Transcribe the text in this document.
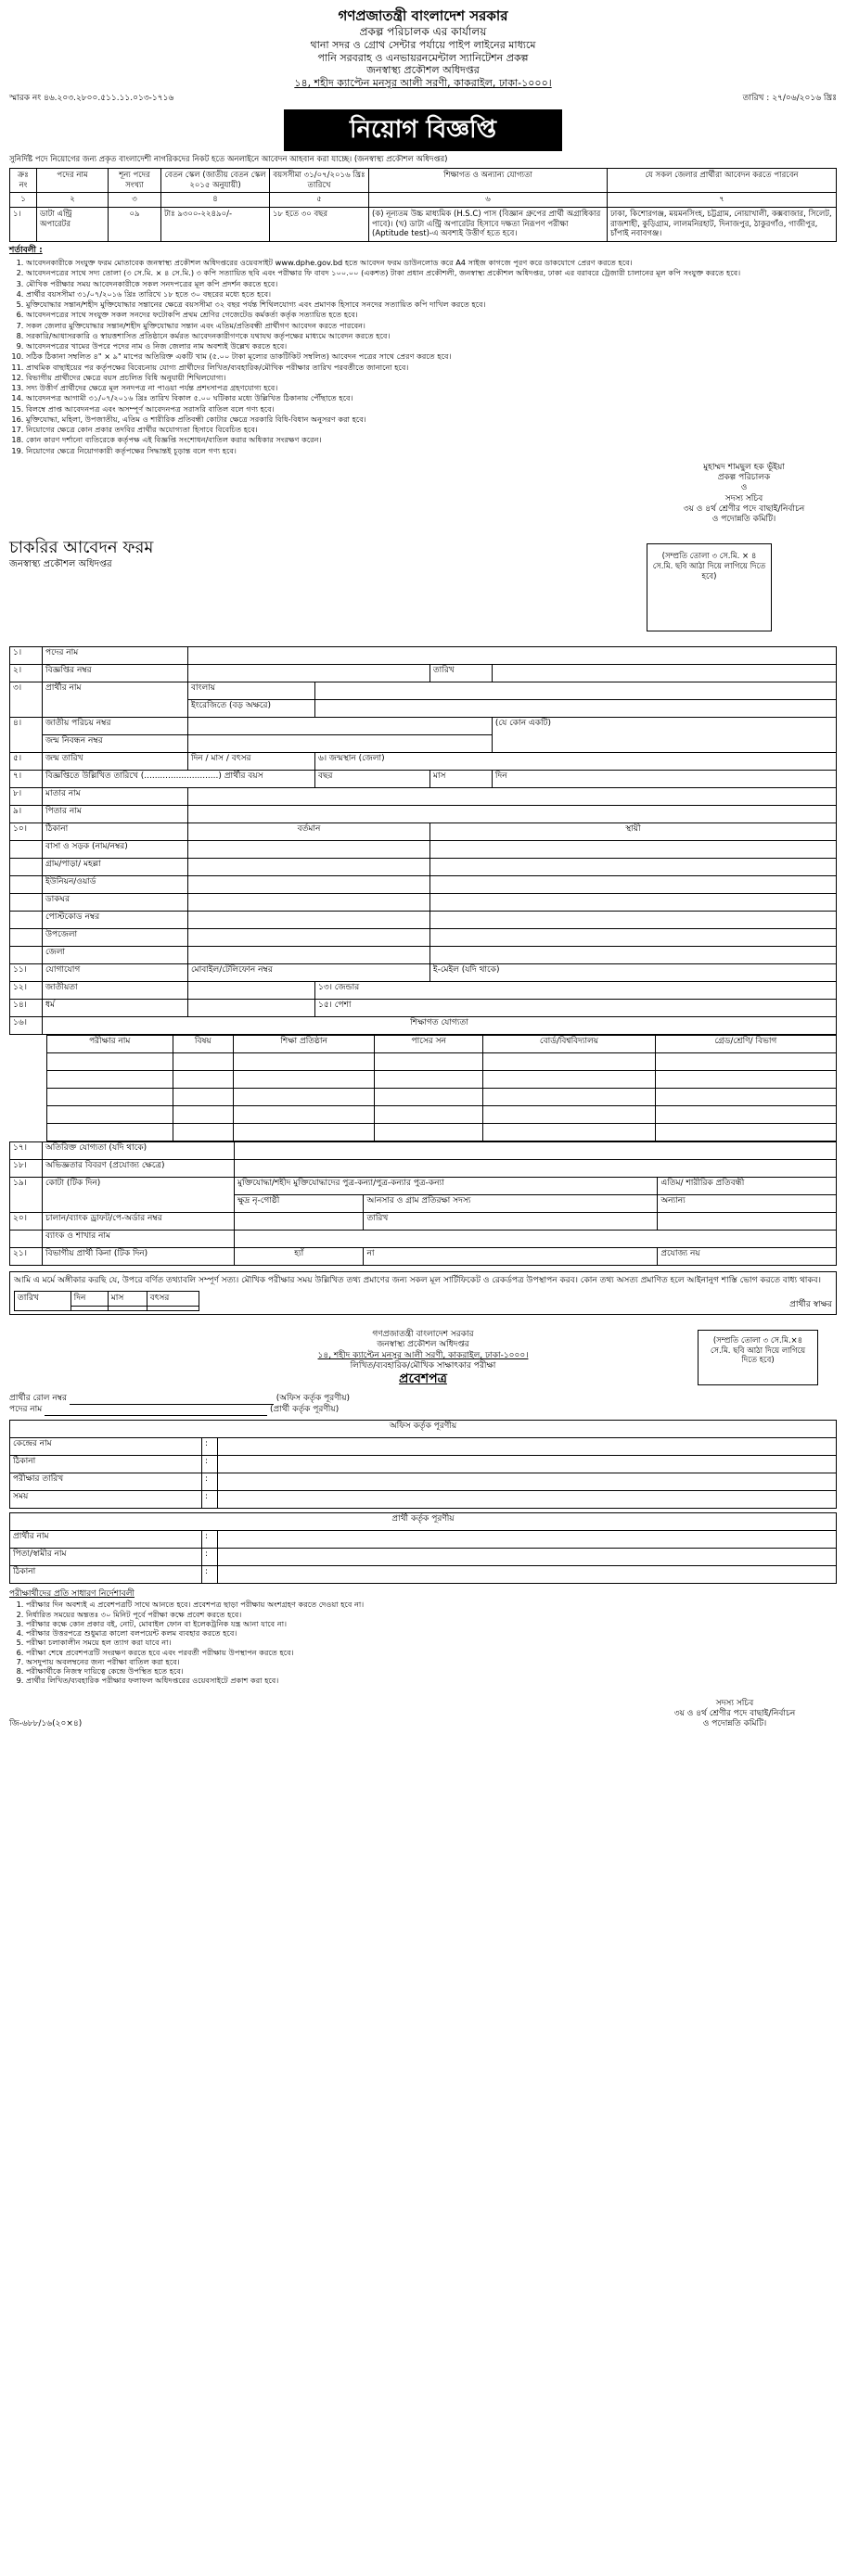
গণপ্রজাতন্ত্রী বাংলাদেশ সরকার
প্রকল্প পরিচালক এর কার্যালয়
থানা সদর ও গ্রোথ সেন্টার পর্যায়ে পাইপ লাইনের মাধ্যমে
পানি সরবরাহ ও এনভায়রনমেন্টাল স্যানিটেশন প্রকল্প
জনস্বাস্থ্য প্রকৌশল অধিদপ্তর
১৪, শহীদ ক্যাপ্টেন মনসুর আলী সরণী, কাকরাইল, ঢাকা-১০০০।
স্মারক নং ৪৬.২০৩.২৮০০.৫১১.১১.০১৩-১৭১৬	তারিখ : ২৭/০৬/২০১৬ খ্রিঃ
নিয়োগ বিজ্ঞপ্তি
সুনির্দিষ্ট পদে নিয়োগের জন্য প্রকৃত বাংলাদেশী নাগরিকদের নিকট হতে অনলাইনে আবেদন আহবান করা যাচ্ছে। (জনস্বাস্থ্য প্রকৌশল অধিদপ্তর)
ক্রঃ নং	পদের নাম	শূন্য পদের সংখ্যা	বেতন স্কেল (জাতীয় বেতন স্কেল ২০১৫ অনুযায়ী)	বয়সসীমা ৩১/০৭/২০১৬ খ্রিঃ তারিখে	শিক্ষাগত ও অন্যান্য যোগ্যতা	যে সকল জেলার প্রার্থীরা আবেদন করতে পারবেন
১	২	৩	৪	৫	৬	৭
১।	ডাটা এন্ট্রি অপারেটর	০৯	টাঃ ৯৩০০-২২৪৯০/-	১৮ হতে ৩০ বছর	(ক) নূন্যতম উচ্চ মাধ্যমিক (H.S.C) পাস (বিজ্ঞান গ্রুপের প্রার্থী অগ্রাধিকার পাবে)। (খ) ডাটা এন্ট্রি অপারেটর হিসাবে দক্ষতা নিরূপণ পরীক্ষা (Aptitude test)-এ অবশ্যই উত্তীর্ণ হতে হবে।	ঢাকা, কিশোরগঞ্জ, ময়মনসিংহ, চট্টগ্রাম, নোয়াখালী, কক্সবাজার, সিলেট, রাজশাহী, কুড়িগ্রাম, লালমনিরহাট, দিনাজপুর, ঠাকুরগাঁও, গাজীপুর, চাঁপাই নবাবগঞ্জ।
শর্তাবলী :
1. আবেদনকারীকে সংযুক্ত ফরম মোতাবেক জনস্বাস্থ্য প্রকৌশল অধিদপ্তরের ওয়েবসাইট www.dphe.gov.bd হতে আবেদন ফরম ডাউনলোড করে A4 সাইজ কাগজে পূরণ করে ডাকযোগে প্রেরণ করতে হবে।
2. আবেদনপত্রের সাথে সদ্য তোলা (৩ সে.মি. × ৪ সে.মি.) ৩ কপি সত্যায়িত ছবি এবং পরীক্ষার ফি বাবদ ১০০.০০ (একশত) টাকা প্রধান প্রকৌশলী, জনস্বাস্থ্য প্রকৌশল অধিদপ্তর, ঢাকা এর বরাবরে ট্রেজারী চালানের মূল কপি সংযুক্ত করতে হবে।
3. মৌখিক পরীক্ষার সময় আবেদনকারীকে সকল সনদপত্রের মূল কপি প্রদর্শন করতে হবে।
4. প্রার্থীর বয়সসীমা ৩১/০৭/২০১৬ খ্রিঃ তারিখে ১৮ হতে ৩০ বছরের মধ্যে হতে হবে।
5. মুক্তিযোদ্ধার সন্তান/শহীদ মুক্তিযোদ্ধার সন্তানের ক্ষেত্রে বয়সসীমা ৩২ বছর পর্যন্ত শিথিলযোগ্য এবং প্রমাণক হিসাবে সনদের সত্যায়িত কপি দাখিল করতে হবে।
6. আবেদনপত্রের সাথে সংযুক্ত সকল সনদের ফটোকপি প্রথম শ্রেণির গেজেটেড কর্মকর্তা কর্তৃক সত্যায়িত হতে হবে।
7. সকল জেলার মুক্তিযোদ্ধার সন্তান/শহীদ মুক্তিযোদ্ধার সন্তান এবং এতিম/প্রতিবন্ধী প্রার্থীগণ আবেদন করতে পারবেন।
8. সরকারি/আধাসরকারি ও স্বায়ত্তশাসিত প্রতিষ্ঠানে কর্মরত আবেদনকারীগণকে যথাযথ কর্তৃপক্ষের মাধ্যমে আবেদন করতে হবে।
9. আবেদনপত্রের খামের উপরে পদের নাম ও নিজ জেলার নাম অবশ্যই উল্লেখ করতে হবে।
10. সঠিক ঠিকানা সম্বলিত ৪" × ৯" মাপের অতিরিক্ত একটি খাম (৫.০০ টাকা মূল্যের ডাকটিকিট সম্বলিত) আবেদন পত্রের সাথে প্রেরণ করতে হবে।
11. প্রাথমিক বাছাইয়ের পর কর্তৃপক্ষের বিবেচনায় যোগ্য প্রার্থীদের লিখিত/ব্যবহারিক/মৌখিক পরীক্ষার তারিখ পরবর্তীতে জানানো হবে।
12. বিভাগীয় প্রার্থীদের ক্ষেত্রে বয়স প্রচলিত বিধি অনুযায়ী শিথিলযোগ্য।
13. সদ্য উত্তীর্ণ প্রার্থীদের ক্ষেত্রে মূল সনদপত্র না পাওয়া পর্যন্ত প্রশংসাপত্র গ্রহণযোগ্য হবে।
14. আবেদনপত্র আগামী ৩১/০৭/২০১৬ খ্রিঃ তারিখ বিকাল ৫.০০ ঘটিকার মধ্যে উল্লিখিত ঠিকানায় পৌঁছাতে হবে।
15. বিলম্বে প্রাপ্ত আবেদনপত্র এবং অসম্পূর্ণ আবেদনপত্র সরাসরি বাতিল বলে গণ্য হবে।
16. মুক্তিযোদ্ধা, মহিলা, উপজাতীয়, এতিম ও শারীরিক প্রতিবন্ধী কোটার ক্ষেত্রে সরকারি বিধি-বিধান অনুসরণ করা হবে।
17. নিয়োগের ক্ষেত্রে কোন প্রকার তদবির প্রার্থীর অযোগ্যতা হিসাবে বিবেচিত হবে।
18. কোন কারণ দর্শানো ব্যতিরেকে কর্তৃপক্ষ এই বিজ্ঞপ্তি সংশোধন/বাতিল করার অধিকার সংরক্ষণ করেন।
19. নিয়োগের ক্ষেত্রে নিয়োগকারী কর্তৃপক্ষের সিদ্ধান্তই চূড়ান্ত বলে গণ্য হবে।
মুহাম্মদ শামছুল হক ভূঁইয়া
প্রকল্প পরিচালক
ও
সদস্য সচিব
৩য় ও ৪র্থ শ্রেণীর পদে বাছাই/নির্বাচন
ও পদোন্নতি কমিটি।
চাকরির আবেদন ফরম
জনস্বাস্থ্য প্রকৌশল অধিদপ্তর
(সম্প্রতি তোলা ৩ সে.মি. × ৪ সে.মি. ছবি আঠা দিয়ে লাগিয়ে দিতে হবে)
১।	পদের নাম				
২।	বিজ্ঞপ্তির নম্বর			তারিখ	
৩।	প্রার্থীর নাম	বাংলায়			
		ইংরেজিতে (বড় অক্ষরে)			
৪।	জাতীয় পরিচয় নম্বর				(যে কোন একটি)
	জন্ম নিবন্ধন নম্বর				
৫।	জন্ম তারিখ	দিন / মাস / বৎসর	৬। জন্মস্থান (জেলা)		
৭।	বিজ্ঞপ্তিতে উল্লিখিত তারিখে (............................) প্রার্থীর বয়স		বছর	মাস	দিন
৮।	মাতার নাম				
৯।	পিতার নাম				
১০।	ঠিকানা	বর্তমান		স্থায়ী	
	বাসা ও সড়ক (নাম/নম্বর)				
	গ্রাম/পাড়া/ মহল্লা				
	ইউনিয়ন/ওয়ার্ড				
	ডাকঘর				
	পোস্টকোড নম্বর				
	উপজেলা				
	জেলা				
১১।	যোগাযোগ	মোবাইল/টেলিফোন নম্বর		ই-মেইল (যদি থাকে)	
১২।	জাতীয়তা		১৩। জেন্ডার		
১৪।	ধর্ম		১৫। পেশা		
১৬।	শিক্ষাগত যোগ্যতা				
পরীক্ষার নাম	বিষয়	শিক্ষা প্রতিষ্ঠান	পাসের সন	বোর্ড/বিশ্ববিদ্যালয়	গ্রেড/শ্রেণি/ বিভাগ

১৭।	অতিরিক্ত যোগ্যতা (যদি থাকে)			
১৮।	অভিজ্ঞতার বিবরণ (প্রযোজ্য ক্ষেত্রে)			
১৯।	কোটা (টিক দিন)	মুক্তিযোদ্ধা/শহীদ মুক্তিযোদ্ধাদের পুত্র-কন্যা/পুত্র-কন্যার পুত্র-কন্যা		এতিম/ শারীরিক প্রতিবন্ধী
		ক্ষুদ্র নৃ-গোষ্ঠী	আনসার ও গ্রাম প্রতিরক্ষা সদস্য	অন্যান্য
২০।	চালান/ব্যাংক ড্রাফট/পে-অর্ডার নম্বর		তারিখ	
	ব্যাংক ও শাখার নাম			
২১।	বিভাগীয় প্রার্থী কিনা (টিক দিন)	হ্যাঁ	না	প্রযোজ্য নয়
আমি এ মর্মে অঙ্গীকার করছি যে, উপরে বর্ণিত তথ্যাবলি সম্পূর্ণ সত্য। মৌখিক পরীক্ষার সময় উল্লিখিত তথ্য প্রমাণের জন্য সকল মূল সার্টিফিকেট ও রেকর্ডপত্র উপস্থাপন করব। কোন তথ্য অসত্য প্রমাণিত হলে আইনানুগ শাস্তি ভোগ করতে বাধ্য থাকব।
তারিখ	দিন	মাস	বৎসর

প্রার্থীর স্বাক্ষর
গণপ্রজাতন্ত্রী বাংলাদেশ সরকার
জনস্বাস্থ্য প্রকৌশল অধিদপ্তর
১৪, শহীদ ক্যাপ্টেন মনসুর আলী সরণী, কাকরাইল, ঢাকা-১০০০।
লিখিত/ব্যবহারিক/মৌখিক সাক্ষাৎকার পরীক্ষা
প্রবেশপত্র
(সম্প্রতি তোলা ৩ সে.মি.×৪ সে.মি. ছবি আঠা দিয়ে লাগিয়ে দিতে হবে)
প্রার্থীর রোল নম্বর	(অফিস কর্তৃক পূরণীয়)
পদের নাম	(প্রার্থী কর্তৃক পূরণীয়)
অফিস কর্তৃক পূরণীয়		
কেন্দ্রের নাম	:	
ঠিকানা	:	
পরীক্ষার তারিখ	:	
সময়	:	
প্রার্থী কর্তৃক পূরণীয়		
প্রার্থীর নাম	:	
পিতা/স্বামীর নাম	:	
ঠিকানা	:	
পরীক্ষার্থীদের প্রতি সাধারণ নির্দেশাবলী
1. পরীক্ষার দিন অবশ্যই এ প্রবেশপত্রটি সাথে আনতে হবে। প্রবেশপত্র ছাড়া পরীক্ষায় অংশগ্রহণ করতে দেওয়া হবে না।
2. নির্ধারিত সময়ের অন্ততঃ ৩০ মিনিট পূর্বে পরীক্ষা কক্ষে প্রবেশ করতে হবে।
3. পরীক্ষার কক্ষে কোন প্রকার বই, নোট, মোবাইল ফোন বা ইলেকট্রনিক যন্ত্র আনা যাবে না।
4. পরীক্ষার উত্তরপত্রে শুধুমাত্র কালো বলপয়েন্ট কলম ব্যবহার করতে হবে।
5. পরীক্ষা চলাকালীন সময়ে হল ত্যাগ করা যাবে না।
6. পরীক্ষা শেষে প্রবেশপত্রটি সংরক্ষণ করতে হবে এবং পরবর্তী পরীক্ষায় উপস্থাপন করতে হবে।
7. অসদুপায় অবলম্বনের জন্য পরীক্ষা বাতিল করা হবে।
8. পরীক্ষার্থীকে নিজস্ব দায়িত্বে কেন্দ্রে উপস্থিত হতে হবে।
9. প্রার্থীর লিখিত/ব্যবহারিক পরীক্ষার ফলাফল অধিদপ্তরের ওয়েবসাইটে প্রকাশ করা হবে।
জি-৬৮৮/১৬(২০×৪)
সদস্য সচিব
৩য় ও ৪র্থ শ্রেণীর পদে বাছাই/নির্বাচন
ও পদোন্নতি কমিটি।
